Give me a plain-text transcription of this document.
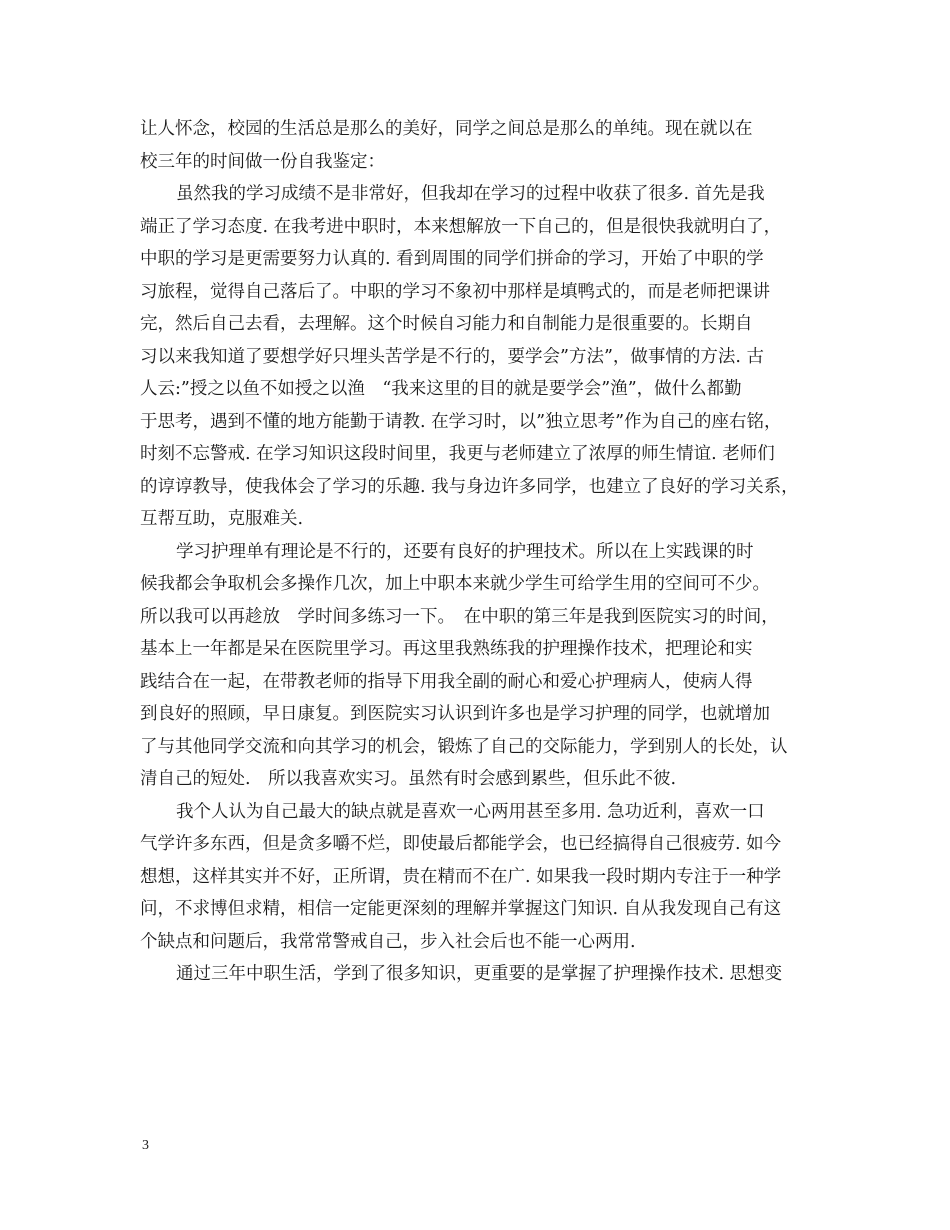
让人怀念，校园的生活总是那么的美好，同学之间总是那么的单纯。现在就以在
校三年的时间做一份自我鉴定：
虽然我的学习成绩不是非常好，但我却在学习的过程中收获了很多. 首先是我
端正了学习态度. 在我考进中职时，本来想解放一下自己的，但是很快我就明白了，
中职的学习是更需要努力认真的. 看到周围的同学们拼命的学习，开始了中职的学
习旅程，觉得自己落后了。中职的学习不象初中那样是填鸭式的，而是老师把课讲
完，然后自己去看，去理解。这个时候自习能力和自制能力是很重要的。长期自
习以来我知道了要想学好只埋头苦学是不行的，要学会”方法”，做事情的方法. 古
人云:”授之以鱼不如授之以渔　“我来这里的目的就是要学会”渔”，做什么都勤
于思考，遇到不懂的地方能勤于请教. 在学习时，以”独立思考”作为自己的座右铭，
时刻不忘警戒. 在学习知识这段时间里，我更与老师建立了浓厚的师生情谊. 老师们
的谆谆教导，使我体会了学习的乐趣. 我与身边许多同学，也建立了良好的学习关系，
互帮互助，克服难关.
学习护理单有理论是不行的，还要有良好的护理技术。所以在上实践课的时
候我都会争取机会多操作几次，加上中职本来就少学生可给学生用的空间可不少。
所以我可以再趁放　学时间多练习一下。　在中职的第三年是我到医院实习的时间，
基本上一年都是呆在医院里学习。再这里我熟练我的护理操作技术，把理论和实
践结合在一起，在带教老师的指导下用我全副的耐心和爱心护理病人，使病人得
到良好的照顾，早日康复。到医院实习认识到许多也是学习护理的同学，也就增加
了与其他同学交流和向其学习的机会，锻炼了自己的交际能力，学到别人的长处，认
清自己的短处.　所以我喜欢实习。虽然有时会感到累些，但乐此不彼.
我个人认为自己最大的缺点就是喜欢一心两用甚至多用. 急功近利，喜欢一口
气学许多东西，但是贪多嚼不烂，即使最后都能学会，也已经搞得自己很疲劳. 如今
想想，这样其实并不好，正所谓，贵在精而不在广. 如果我一段时期内专注于一种学
问，不求博但求精，相信一定能更深刻的理解并掌握这门知识. 自从我发现自己有这
个缺点和问题后，我常常警戒自己，步入社会后也不能一心两用.
通过三年中职生活，学到了很多知识，更重要的是掌握了护理操作技术. 思想变
3
